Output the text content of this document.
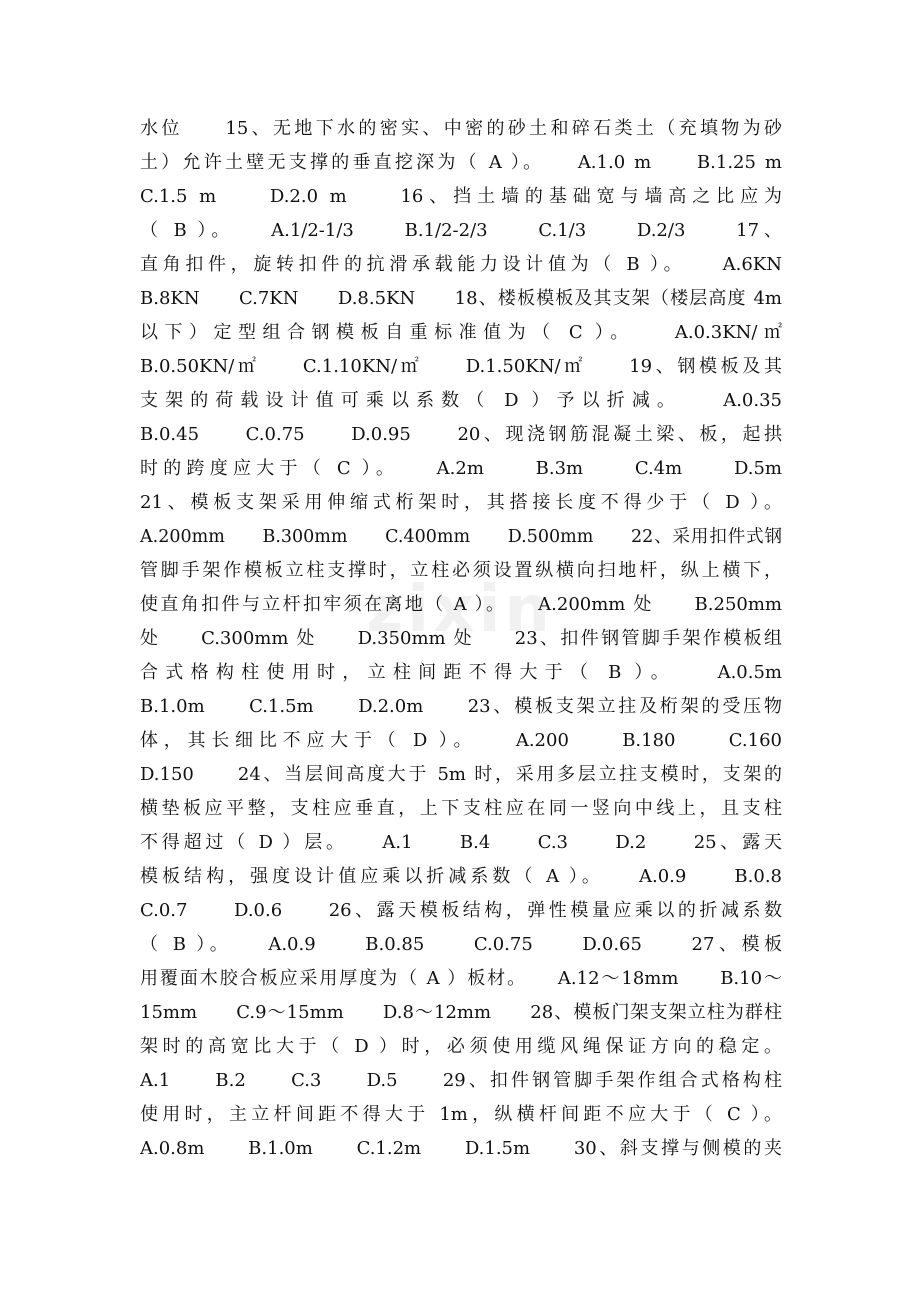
zixin
水位　　15、无地下水的密实、中密的砂土和碎石类土（充填物为砂
土）允许土壁无支撑的垂直挖深为（ A ）。　　A.1.0 m　　B.1.25 m
C.1.5 m　　D.2.0 m　　16、挡土墙的基础宽与墙高之比应为
（ B ）。　　A.1/2-1/3　　B.1/2-2/3　　C.1/3　　D.2/3　　17、
直角扣件，旋转扣件的抗滑承载能力设计值为（ B ）。　　A.6KN
B.8KN　　C.7KN　　D.8.5KN　　18、楼板模板及其支架（楼层高度 4m
以下）定型组合钢模板自重标准值为（ C ）。　　A.0.3KN/㎡
B.0.50KN/㎡　　C.1.10KN/㎡　　D.1.50KN/㎡　　19、钢模板及其
支架的荷载设计值可乘以系数（ D ）予以折减。　　A.0.35
B.0.45　　C.0.75　　D.0.95　　20、现浇钢筋混凝土梁、板，起拱
时的跨度应大于（ C ）。　　A.2m　　B.3m　　C.4m　　D.5m
21、模板支架采用伸缩式桁架时，其搭接长度不得少于（ D ）。
A.200mm　　B.300mm　　C.400mm　　D.500mm　　22、采用扣件式钢
管脚手架作模板立柱支撑时，立柱必须设置纵横向扫地杆，纵上横下，
使直角扣件与立杆扣牢须在离地（ A ）。　　A.200mm 处　　B.250mm
处　　C.300mm 处　　D.350mm 处　　23、扣件钢管脚手架作模板组
合式格构柱使用时，立柱间距不得大于（ B ）。　　A.0.5m
B.1.0m　　C.1.5m　　D.2.0m　　23、模板支架立拄及桁架的受压物
体，其长细比不应大于（ D ）。　　A.200　　B.180　　C.160
D.150　　24、当层间高度大于 5m 时，采用多层立拄支模时，支架的
横垫板应平整，支柱应垂直，上下支柱应在同一竖向中线上，且支柱
不得超过（ D ）层。　　A.1　　B.4　　C.3　　D.2　　25、露天
模板结构，强度设计值应乘以折减系数（ A ）。　　A.0.9　　B.0.8
C.0.7　　D.0.6　　26、露天模板结构，弹性模量应乘以的折减系数
（ B ）。　　A.0.9　　B.0.85　　C.0.75　　D.0.65　　27、模板
用覆面木胶合板应采用厚度为（ A ）板材。　　A.12～18mm　　B.10～
15mm　　C.9～15mm　　D.8～12mm　　28、模板门架支架立柱为群柱
架时的高宽比大于（ D ）时，必须使用缆风绳保证方向的稳定。
A.1　　B.2　　C.3　　D.5　　29、扣件钢管脚手架作组合式格构柱
使用时，主立杆间距不得大于 1m，纵横杆间距不应大于（ C ）。
A.0.8m　　B.1.0m　　C.1.2m　　D.1.5m　　30、斜支撑与侧模的夹
